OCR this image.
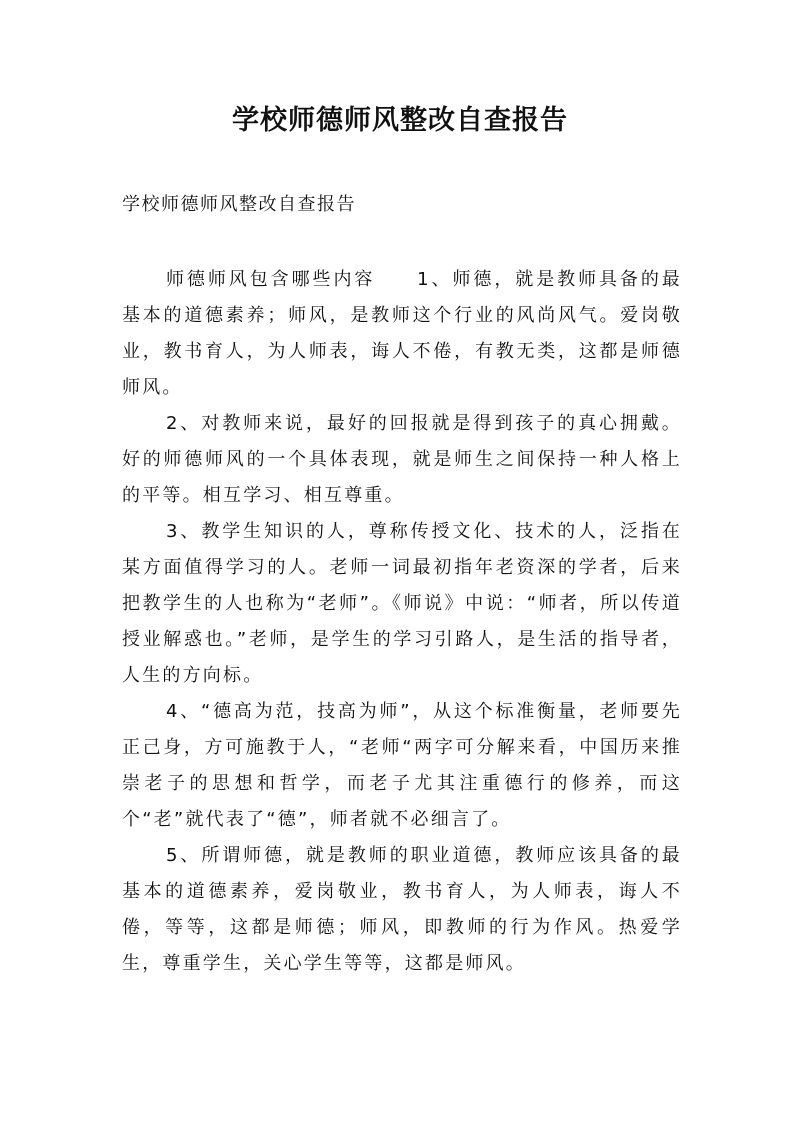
学校师德师风整改自查报告
学校师德师风整改自查报告

师德师风包含哪些内容　　1、师德，就是教师具备的最基本的道德素养；师风，是教师这个行业的风尚风气。爱岗敬业，教书育人，为人师表，诲人不倦，有教无类，这都是师德师风。

2、对教师来说，最好的回报就是得到孩子的真心拥戴。好的师德师风的一个具体表现，就是师生之间保持一种人格上的平等。相互学习、相互尊重。

3、教学生知识的人，尊称传授文化、技术的人，泛指在某方面值得学习的人。老师一词最初指年老资深的学者，后来把教学生的人也称为“老师”。《师说》中说：“师者，所以传道授业解惑也。”老师，是学生的学习引路人，是生活的指导者，人生的方向标。

4、“德高为范，技高为师”，从这个标准衡量，老师要先正己身，方可施教于人，“老师“两字可分解来看，中国历来推崇老子的思想和哲学，而老子尤其注重德行的修养，而这个“老”就代表了“德”，师者就不必细言了。

5、所谓师德，就是教师的职业道德，教师应该具备的最基本的道德素养，爱岗敬业，教书育人，为人师表，诲人不倦，等等，这都是师德；师风，即教师的行为作风。热爱学生，尊重学生，关心学生等等，这都是师风。
